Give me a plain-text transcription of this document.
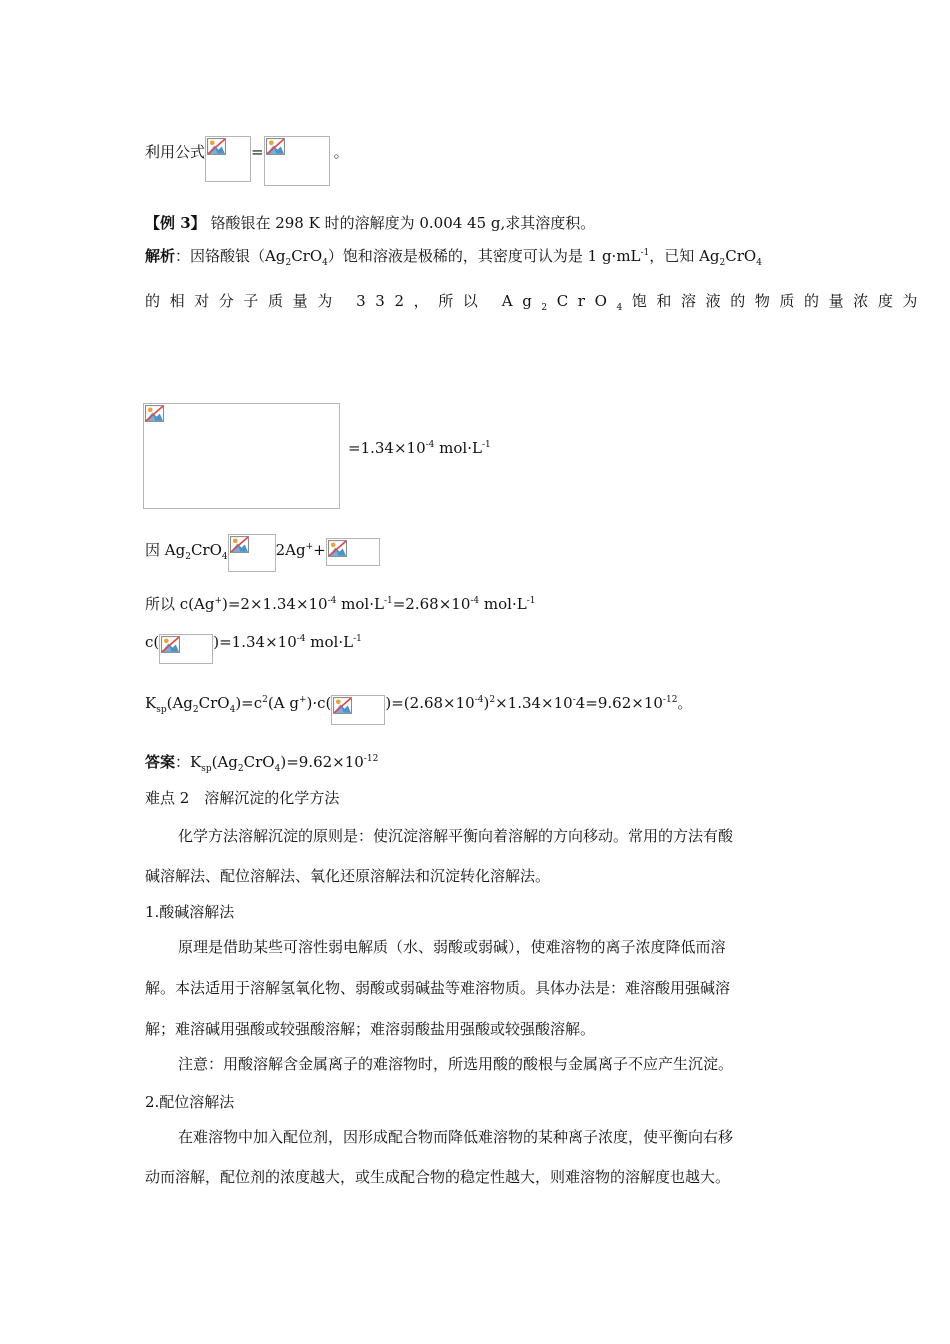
利用公式	=	。
【例 3】 铬酸银在 298 K 时的溶解度为 0.004 45 g,求其溶度积。
解析：因铬酸银$(Ag_2CrO_4)$饱和溶液是极稀的，其密度可认为是 1 $g\cdot mL^{-1}$，已知 $Ag_2CrO_4$
的相对分子质量为 332，所以 $Ag_2CrO_4$饱和溶液的物质的量浓度为
$=1.34\times 10^{-4}$ $mol\cdot L^{-1}$
因 $Ag_2CrO_4$	2Ag++
所以 $c(Ag^+)=2\times 1.34\times 10^{-4}$ $mol\cdot L^{-1}=2.68\times 10^{-4}$ $mol\cdot L^{-1}$
c(	)$=1.34\times 10^{-4}$ $mol\cdot L^{-1}$
$K_{sp}(Ag_2CrO_4)=c^2(A$ g+)·c(	)$=(2.68\times 10^{-4})^2\times 1.34\times 10^-4=9.62\times 10^{-12}$。
答案：$K_{sp}(Ag_2CrO_4)=9.62\times 10^{-12}$
难点 2　溶解沉淀的化学方法
化学方法溶解沉淀的原则是：使沉淀溶解平衡向着溶解的方向移动。常用的方法有酸
碱溶解法、配位溶解法、氧化还原溶解法和沉淀转化溶解法。
1.酸碱溶解法
原理是借助某些可溶性弱电解质（水、弱酸或弱碱），使难溶物的离子浓度降低而溶
解。本法适用于溶解氢氧化物、弱酸或弱碱盐等难溶物质。具体办法是：难溶酸用强碱溶
解；难溶碱用强酸或较强酸溶解；难溶弱酸盐用强酸或较强酸溶解。
注意：用酸溶解含金属离子的难溶物时，所选用酸的酸根与金属离子不应产生沉淀。
2.配位溶解法
在难溶物中加入配位剂，因形成配合物而降低难溶物的某种离子浓度，使平衡向右移
动而溶解，配位剂的浓度越大，或生成配合物的稳定性越大，则难溶物的溶解度也越大。
